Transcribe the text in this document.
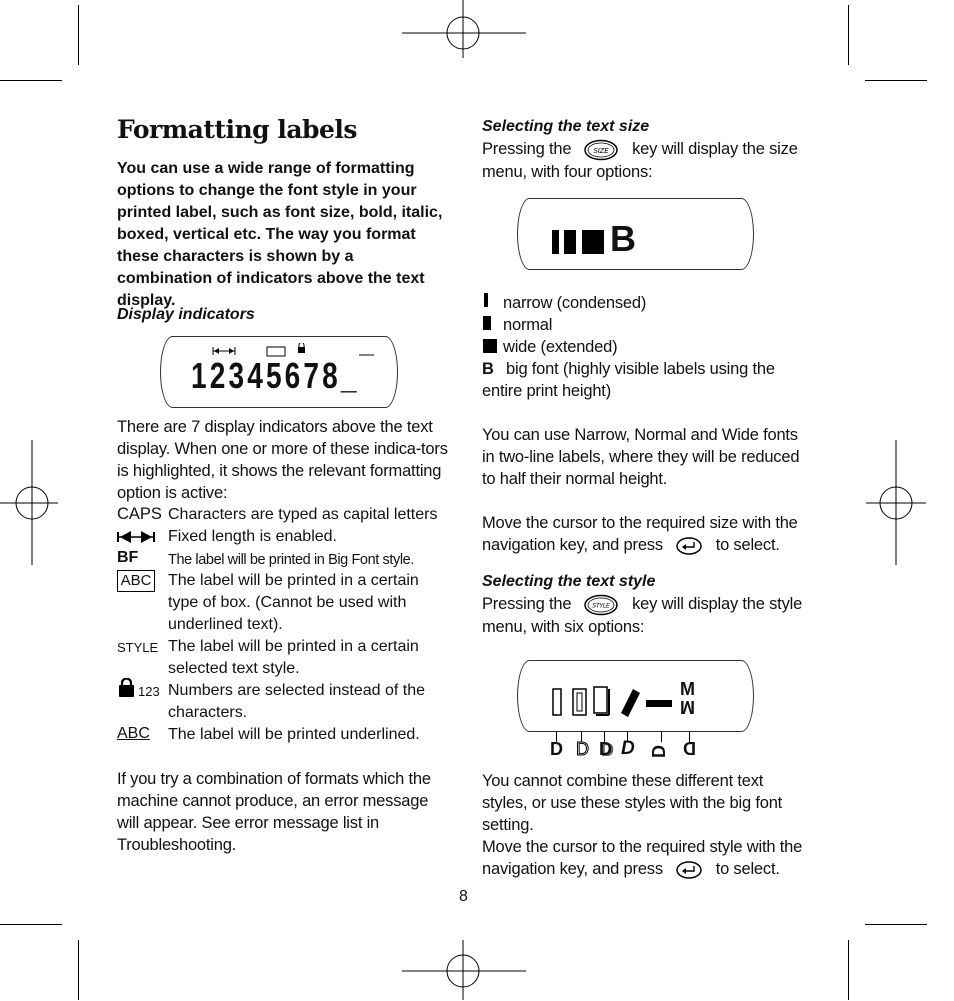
Formatting labels
You can use a wide range of formatting options to change the font style in your printed label, such as font size, bold, italic, boxed, vertical etc. The way you format these characters is shown by a combination of indicators above the text display.
Display indicators
12345678_
There are 7 display indicators above the text display. When one or more of these indica-tors is highlighted, it shows the relevant formatting option is active:
CAPS Characters are typed as capital letters
Fixed length is enabled.
BF The label will be printed in Big Font style.
ABC The label will be printed in a certain type of box. (Cannot be used with underlined text).
STYLE The label will be printed in a certain selected text style.
123 Numbers are selected instead of the characters.
ABC The label will be printed underlined.
If you try a combination of formats which the machine cannot produce, an error message will appear. See error message list in Troubleshooting.
Selecting the text size
Pressing the	SIZE key will display the size menu, with four options:
B
narrow (condensed)
normal
wide (extended)
B big font (highly visible labels using the entire print height)
You can use Narrow, Normal and Wide fonts in two-line labels, where they will be reduced to half their normal height.
Move the cursor to the required size with the navigation key, and press	to select.
Selecting the text style
Pressing the	STYLE key will display the style menu, with six options:
M
M
D D D D D D
You cannot combine these different text styles, or use these styles with the big font setting.
Move the cursor to the required style with the navigation key, and press	to select.
8
